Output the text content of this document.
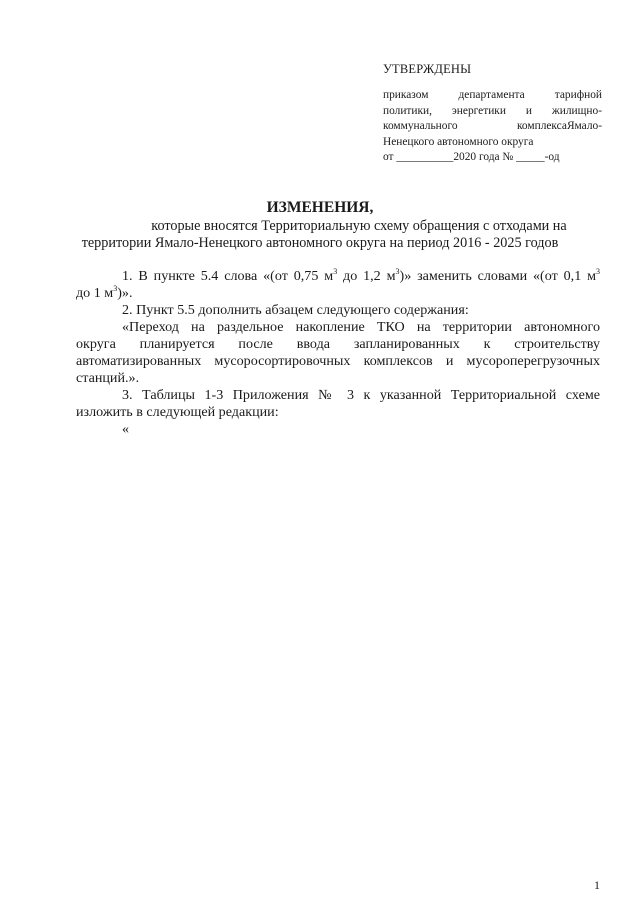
УТВЕРЖДЕНЫ
приказом департамента тарифной
политики, энергетики и жилищно-
коммунального комплексаЯмало-
Ненецкого автономного округа
от __________2020 года № _____-од
ИЗМЕНЕНИЯ,
которые вносятся Территориальную схему обращения с отходами на
территории Ямало-Ненецкого автономного округа на период 2016 - 2025 годов
1. В пункте 5.4 слова «(от 0,75 $м^3$ до 1,2 $м^3$)» заменить словами «(от 0,1 $м^3$
до 1 $м^3$)».
2. Пункт 5.5 дополнить абзацем следующего содержания:
«Переход на раздельное накопление ТКО на территории автономного
округа планируется после ввода запланированных к строительству
автоматизированных мусоросортировочных комплексов и мусороперегрузочных
станций.».
3. Таблицы 1-3 Приложения № 3 к указанной Территориальной схеме
изложить в следующей редакции:
«
1
